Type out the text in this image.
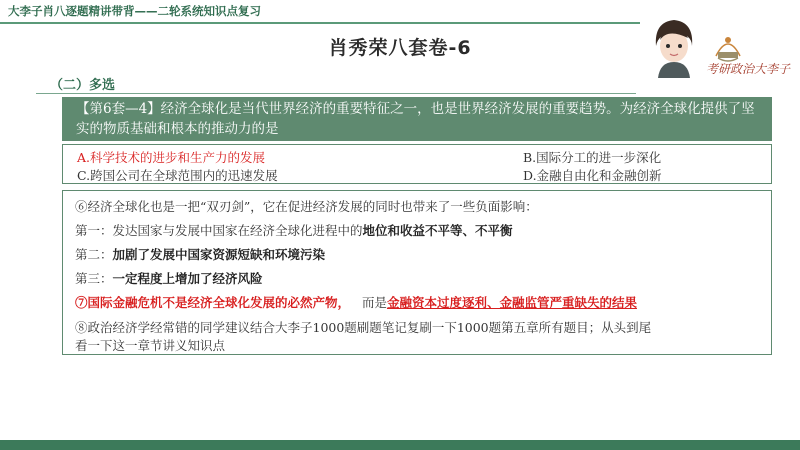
大李子肖八逐题精讲带背——二轮系统知识点复习
肖秀荣八套卷-6
考研政治大李子
（二）多选
【第6套—4】经济全球化是当代世界经济的重要特征之一，也是世界经济发展的重要趋势。为经济全球化提供了坚实的物质基础和根本的推动力的是
A.科学技术的进步和生产力的发展	B.国际分工的进一步深化
C.跨国公司在全球范围内的迅速发展	D.金融自由化和金融创新
⑥经济全球化也是一把“双刃剑”，它在促进经济发展的同时也带来了一些负面影响：
第一：发达国家与发展中国家在经济全球化进程中的地位和收益不平等、不平衡
第二：加剧了发展中国家资源短缺和环境污染
第三：一定程度上增加了经济风险
⑦国际金融危机不是经济全球化发展的必然产物， 而是金融资本过度逐利、金融监管严重缺失的结果
⑧政治经济学经常错的同学建议结合大李子1000题刷题笔记复刷一下1000题第五章所有题目；从头到尾
看一下这一章节讲义知识点
